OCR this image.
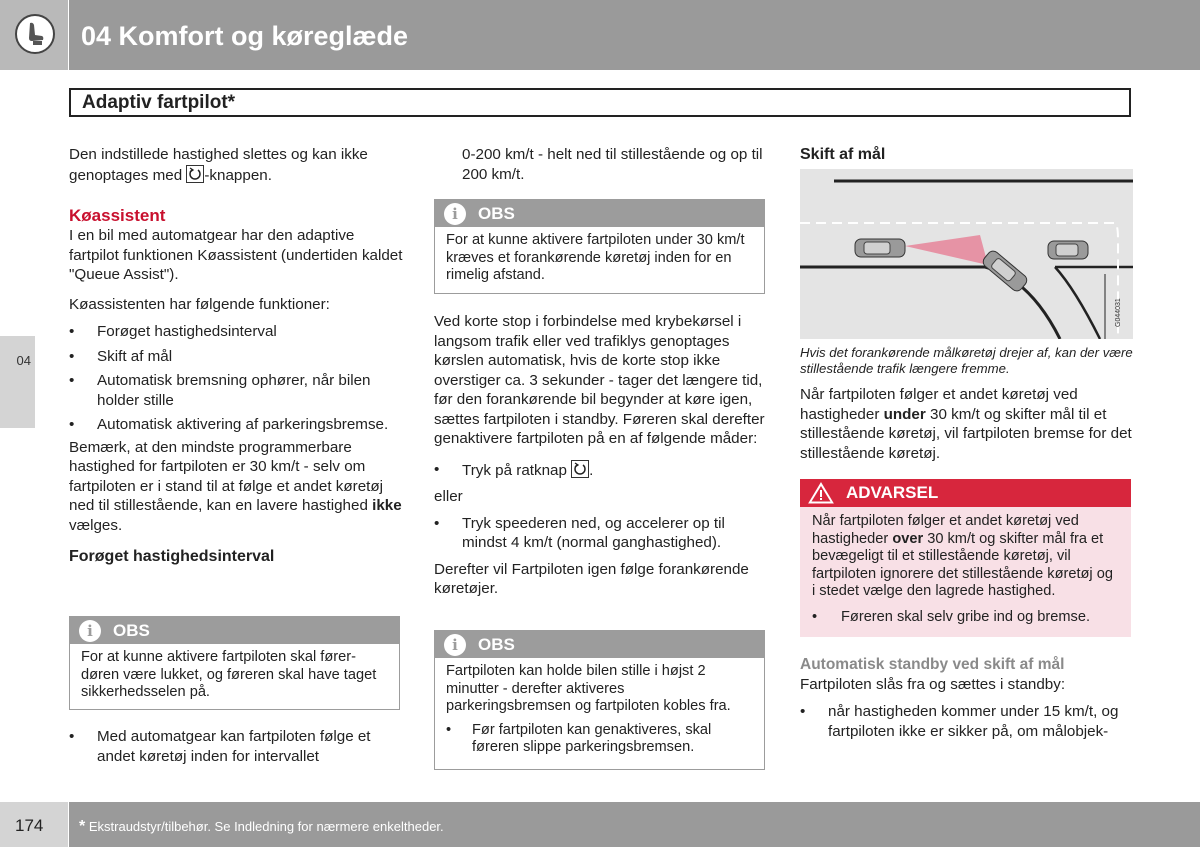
04 Komfort og køreglæde
Adaptiv fartpilot*
04

Den indstillede hastighed slettes og kan ikke genoptages med
-knappen.

Køassistent

I en bil med automatgear har den adaptive fartpilot funktionen Køassistent (undertiden kaldet "Queue Assist").

Køassistenten har følgende funktioner:

• Forøget hastighedsinterval

• Skift af mål

• Automatisk bremsning ophører, når bilen holder stille

• Automatisk aktivering af parkeringsbremse.

Bemærk, at den mindste programmerbare hastighed for fartpiloten er 30 km/t - selv om fartpiloten er i stand til at følge et andet køretøj ned til stillestående, kan en lavere hastighed ikke vælges.

Forøget hastighedsinterval

i	OBS
For at kunne aktivere fartpiloten skal fører-døren være lukket, og føreren skal have taget sikkerhedsselen på.

• Med automatgear kan fartpiloten følge et andet køretøj inden for intervallet

0-200 km/t - helt ned til stillestående og op til 200 km/t.

i	OBS
For at kunne aktivere fartpiloten under 30 km/t kræves et forankørende køretøj inden for en rimelig afstand.

Ved korte stop i forbindelse med krybekørsel i langsom trafik eller ved trafiklys genoptages kørslen automatisk, hvis de korte stop ikke overstiger ca. 3 sekunder - tager det længere tid, før den forankørende bil begynder at køre igen, sættes fartpiloten i standby. Føreren skal derefter genaktivere fartpiloten på en af følgende måder:

• Tryk på ratknap
.

eller

• Tryk speederen ned, og accelerer op til mindst 4 km/t (normal ganghastighed).

Derefter vil Fartpiloten igen følge forankørende køretøjer.

i	OBS

Fartpiloten kan holde bilen stille i højst 2 minutter - derefter aktiveres parkeringsbremsen og fartpiloten kobles fra.

• Før fartpiloten kan genaktiveres, skal føreren slippe parkeringsbremsen.

Skift af mål

G044031
Hvis det forankørende målkøretøj drejer af, kan der være stillestående trafik længere fremme.

Når fartpiloten følger et andet køretøj ved hastigheder under 30 km/t og skifter mål til et stillestående køretøj, vil fartpiloten bremse for det stillestående køretøj.

ADVARSEL

Når fartpiloten følger et andet køretøj ved hastigheder over 30 km/t og skifter mål fra et bevægeligt til et stillestående køretøj, vil fartpiloten ignorere det stillestående køretøj og i stedet vælge den lagrede hastighed.

• Føreren skal selv gribe ind og bremse.

Automatisk standby ved skift af mål

Fartpiloten slås fra og sættes i standby:

• når hastigheden kommer under 15 km/t, og fartpiloten ikke er sikker på, om målobjek-

174	* Ekstraudstyr/tilbehør. Se Indledning for nærmere enkeltheder.
